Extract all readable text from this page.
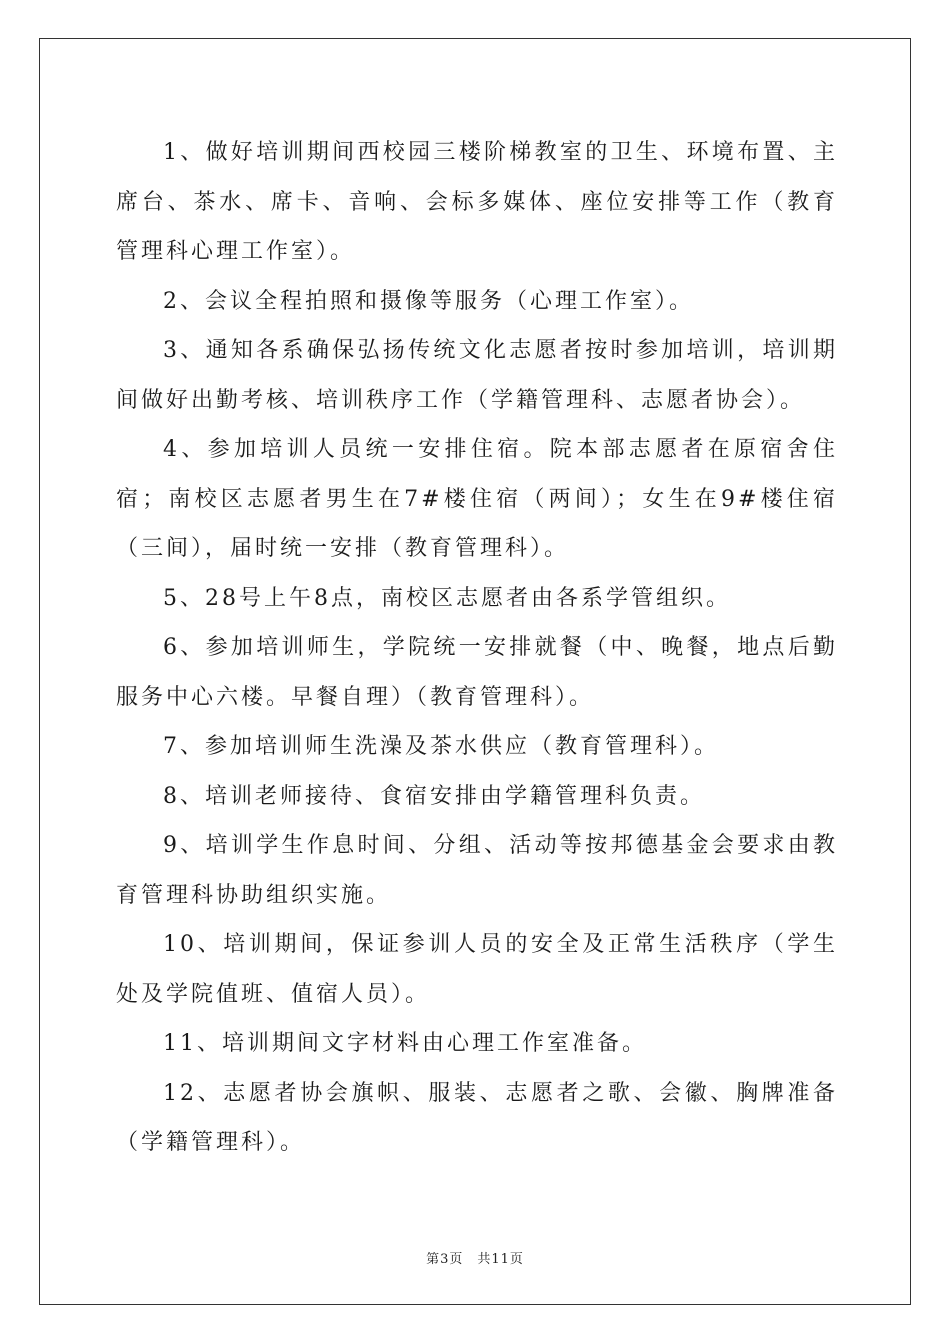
1、做好培训期间西校园三楼阶梯教室的卫生、环境布置、主席台、茶水、席卡、音响、会标多媒体、座位安排等工作（教育管理科心理工作室）。

2、会议全程拍照和摄像等服务（心理工作室）。

3、通知各系确保弘扬传统文化志愿者按时参加培训，培训期间做好出勤考核、培训秩序工作（学籍管理科、志愿者协会）。

4、参加培训人员统一安排住宿。院本部志愿者在原宿舍住宿；南校区志愿者男生在7#楼住宿（两间）；女生在9#楼住宿（三间），届时统一安排（教育管理科）。

5、28号上午8点，南校区志愿者由各系学管组织。

6、参加培训师生，学院统一安排就餐（中、晚餐，地点后勤服务中心六楼。早餐自理）（教育管理科）。

7、参加培训师生洗澡及茶水供应（教育管理科）。

8、培训老师接待、食宿安排由学籍管理科负责。

9、培训学生作息时间、分组、活动等按邦德基金会要求由教育管理科协助组织实施。

10、培训期间，保证参训人员的安全及正常生活秩序（学生处及学院值班、值宿人员）。

11、培训期间文字材料由心理工作室准备。

12、志愿者协会旗帜、服装、志愿者之歌、会徽、胸牌准备（学籍管理科）。

第3页　共11页
